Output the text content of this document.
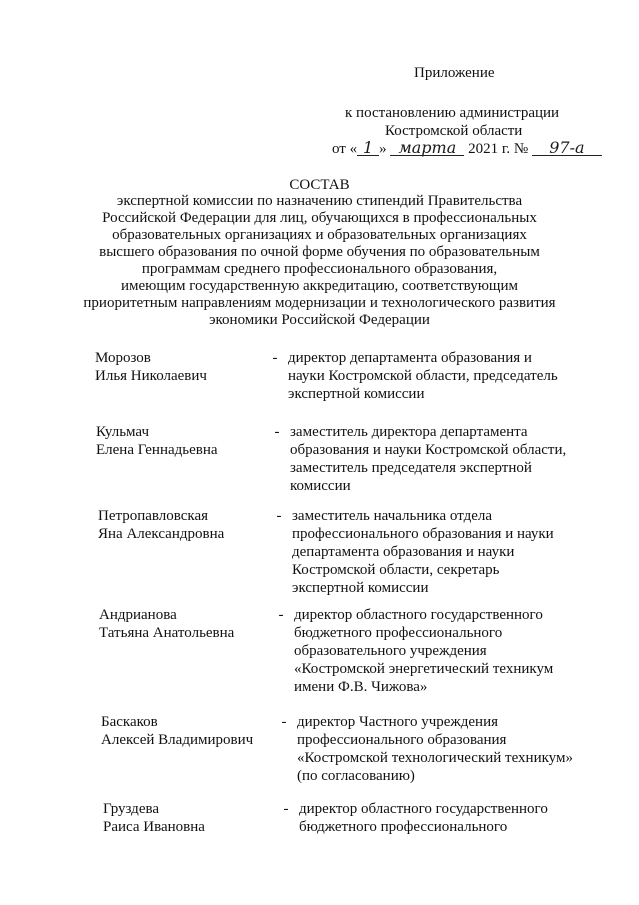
Приложение
к постановлению администрации
Костромской области
от « 1 » марта 2021 г. № 97-а
СОСТАВ
экспертной комиссии по назначению стипендий Правительства
Российской Федерации для лиц, обучающихся в профессиональных
образовательных организациях и образовательных организациях
высшего образования по очной форме обучения по образовательным
программам среднего профессионального образования,
имеющим государственную аккредитацию, соответствующим
приоритетным направлениям модернизации и технологического развития
экономики Российской Федерации
Морозов
Илья Николаевич
- директор департамента образования и
науки Костромской области, председатель
экспертной комиссии
Кульмач
Елена Геннадьевна
- заместитель директора департамента
образования и науки Костромской области,
заместитель председателя экспертной
комиссии
Петропавловская
Яна Александровна
- заместитель начальника отдела
профессионального образования и науки
департамента образования и науки
Костромской области, секретарь
экспертной комиссии
Андрианова
Татьяна Анатольевна
- директор областного государственного
бюджетного профессионального
образовательного учреждения
«Костромской энергетический техникум
имени Ф.В. Чижова»
Баскаков
Алексей Владимирович
- директор Частного учреждения
профессионального образования
«Костромской технологический техникум»
(по согласованию)
Груздева
Раиса Ивановна
- директор областного государственного
бюджетного профессионального
